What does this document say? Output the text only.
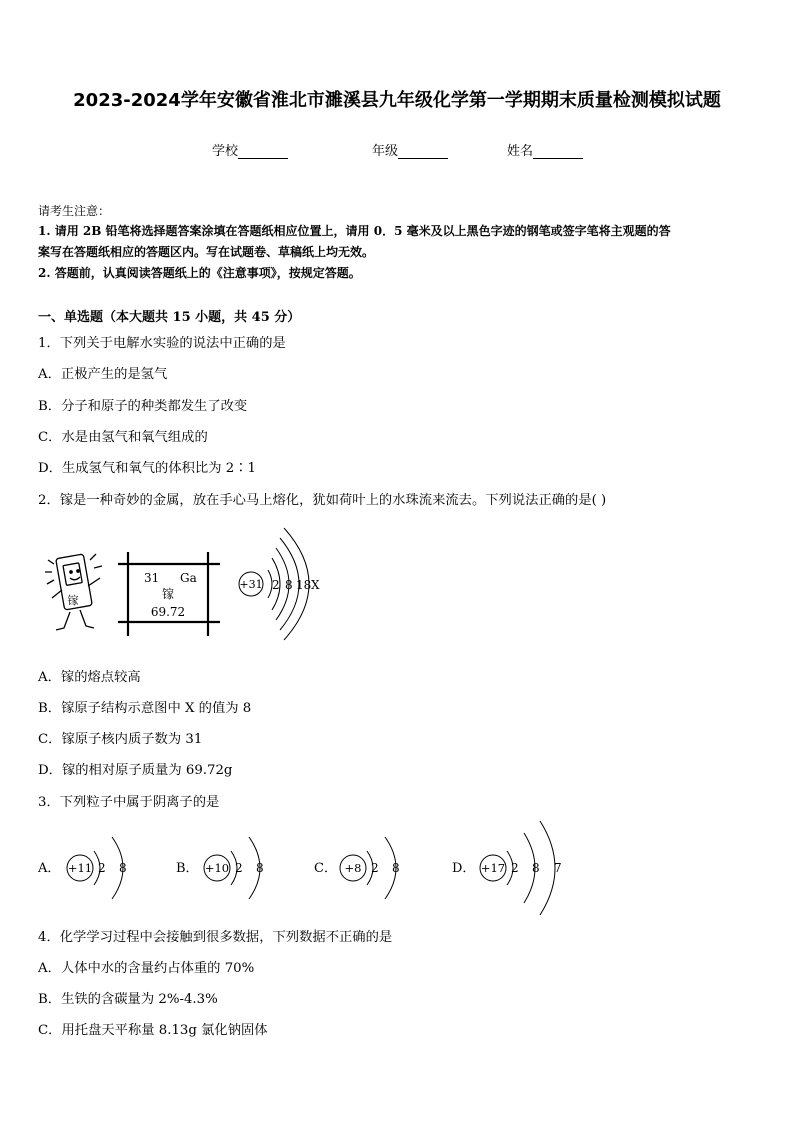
2023-2024学年安徽省淮北市濉溪县九年级化学第一学期期末质量检测模拟试题
学校	年级	姓名
请考生注意：
1. 请用 2B 铅笔将选择题答案涂填在答题纸相应位置上，请用 0．5 毫米及以上黑色字迹的钢笔或签字笔将主观题的答
案写在答题纸相应的答题区内。写在试题卷、草稿纸上均无效。
2. 答题前，认真阅读答题纸上的《注意事项》，按规定答题。
一、单选题（本大题共 15 小题，共 45 分）
1．下列关于电解水实验的说法中正确的是
A．正极产生的是氢气
B．分子和原子的种类都发生了改变
C．水是由氢气和氧气组成的
D．生成氢气和氧气的体积比为 2∶1
2．镓是一种奇妙的金属，放在手心马上熔化，犹如荷叶上的水珠流来流去。下列说法正确的是( )
镓
31 Ga
镓
69.72
+31 2 8 18 X
A．镓的熔点较高
B．镓原子结构示意图中 X 的值为 8
C．镓原子核内质子数为 31
D．镓的相对原子质量为 69.72g
3．下列粒子中属于阴离子的是
A． +11 2 8	B． +10 2 8	C． +8 2 8	D． +17 2 8 7
4．化学学习过程中会接触到很多数据，下列数据不正确的是
A．人体中水的含量约占体重的 70%
B．生铁的含碳量为 2%-4.3%
C．用托盘天平称量 8.13g 氯化钠固体
